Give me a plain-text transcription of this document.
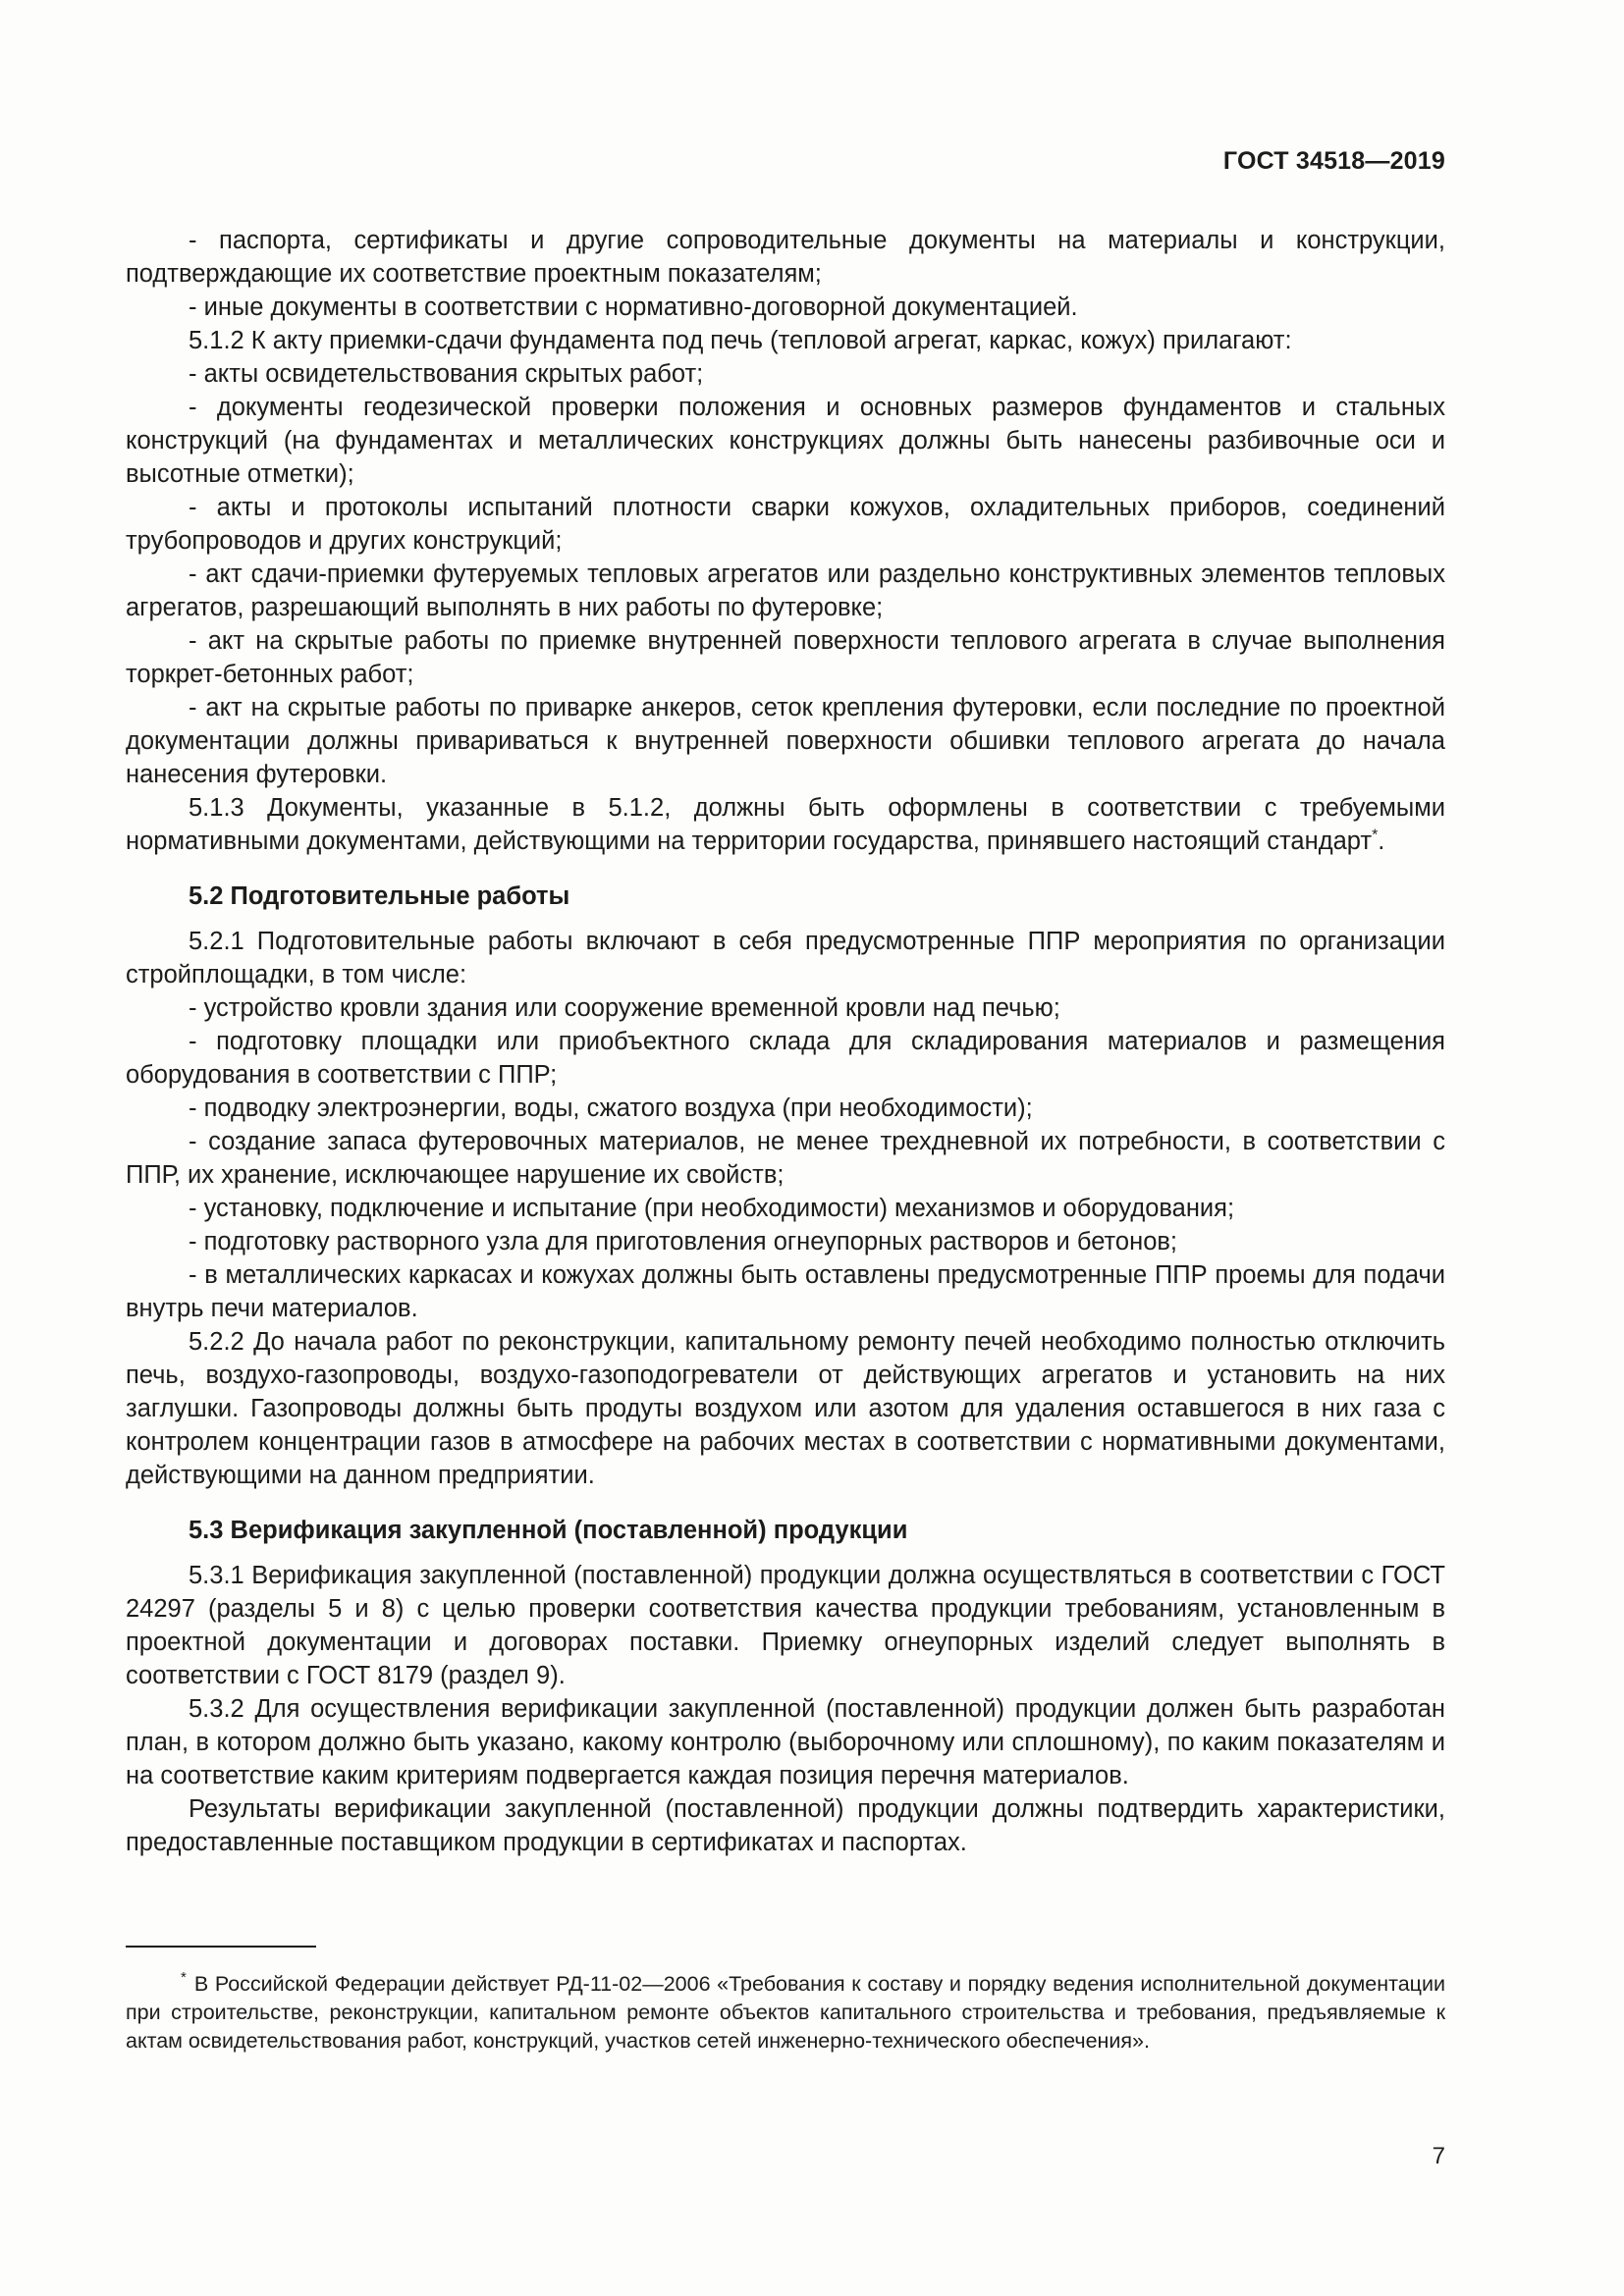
ГОСТ 34518—2019

- паспорта, сертификаты и другие сопроводительные документы на материалы и конструкции, подтверждающие их соответствие проектным показателям;

- иные документы в соответствии с нормативно-договорной документацией.

5.1.2 К акту приемки-сдачи фундамента под печь (тепловой агрегат, каркас, кожух) прилагают:

- акты освидетельствования скрытых работ;

- документы геодезической проверки положения и основных размеров фундаментов и стальных конструкций (на фундаментах и металлических конструкциях должны быть нанесены разбивочные оси и высотные отметки);

- акты и протоколы испытаний плотности сварки кожухов, охладительных приборов, соединений трубопроводов и других конструкций;

- акт сдачи-приемки футеруемых тепловых агрегатов или раздельно конструктивных элементов тепловых агрегатов, разрешающий выполнять в них работы по футеровке;

- акт на скрытые работы по приемке внутренней поверхности теплового агрегата в случае выполнения торкрет-бетонных работ;

- акт на скрытые работы по приварке анкеров, сеток крепления футеровки, если последние по проектной документации должны привариваться к внутренней поверхности обшивки теплового агрегата до начала нанесения футеровки.

5.1.3 Документы, указанные в 5.1.2, должны быть оформлены в соответствии с требуемыми нормативными документами, действующими на территории государства, принявшего настоящий стандарт*.

5.2 Подготовительные работы

5.2.1 Подготовительные работы включают в себя предусмотренные ППР мероприятия по организации стройплощадки, в том числе:

- устройство кровли здания или сооружение временной кровли над печью;

- подготовку площадки или приобъектного склада для складирования материалов и размещения оборудования в соответствии с ППР;

- подводку электроэнергии, воды, сжатого воздуха (при необходимости);

- создание запаса футеровочных материалов, не менее трехдневной их потребности, в соответствии с ППР, их хранение, исключающее нарушение их свойств;

- установку, подключение и испытание (при необходимости) механизмов и оборудования;

- подготовку растворного узла для приготовления огнеупорных растворов и бетонов;

- в металлических каркасах и кожухах должны быть оставлены предусмотренные ППР проемы для подачи внутрь печи материалов.

5.2.2 До начала работ по реконструкции, капитальному ремонту печей необходимо полностью отключить печь, воздухо-газопроводы, воздухо-газоподогреватели от действующих агрегатов и установить на них заглушки. Газопроводы должны быть продуты воздухом или азотом для удаления оставшегося в них газа с контролем концентрации газов в атмосфере на рабочих местах в соответствии с нормативными документами, действующими на данном предприятии.

5.3 Верификация закупленной (поставленной) продукции

5.3.1 Верификация закупленной (поставленной) продукции должна осуществляться в соответствии с ГОСТ 24297 (разделы 5 и 8) с целью проверки соответствия качества продукции требованиям, установленным в проектной документации и договорах поставки. Приемку огнеупорных изделий следует выполнять в соответствии с ГОСТ 8179 (раздел 9).

5.3.2 Для осуществления верификации закупленной (поставленной) продукции должен быть разработан план, в котором должно быть указано, какому контролю (выборочному или сплошному), по каким показателям и на соответствие каким критериям подвергается каждая позиция перечня материалов.

Результаты верификации закупленной (поставленной) продукции должны подтвердить характеристики, предоставленные поставщиком продукции в сертификатах и паспортах.

* В Российской Федерации действует РД-11-02—2006 «Требования к составу и порядку ведения исполнительной документации при строительстве, реконструкции, капитальном ремонте объектов капитального строительства и требования, предъявляемые к актам освидетельствования работ, конструкций, участков сетей инженерно-технического обеспечения».

7
